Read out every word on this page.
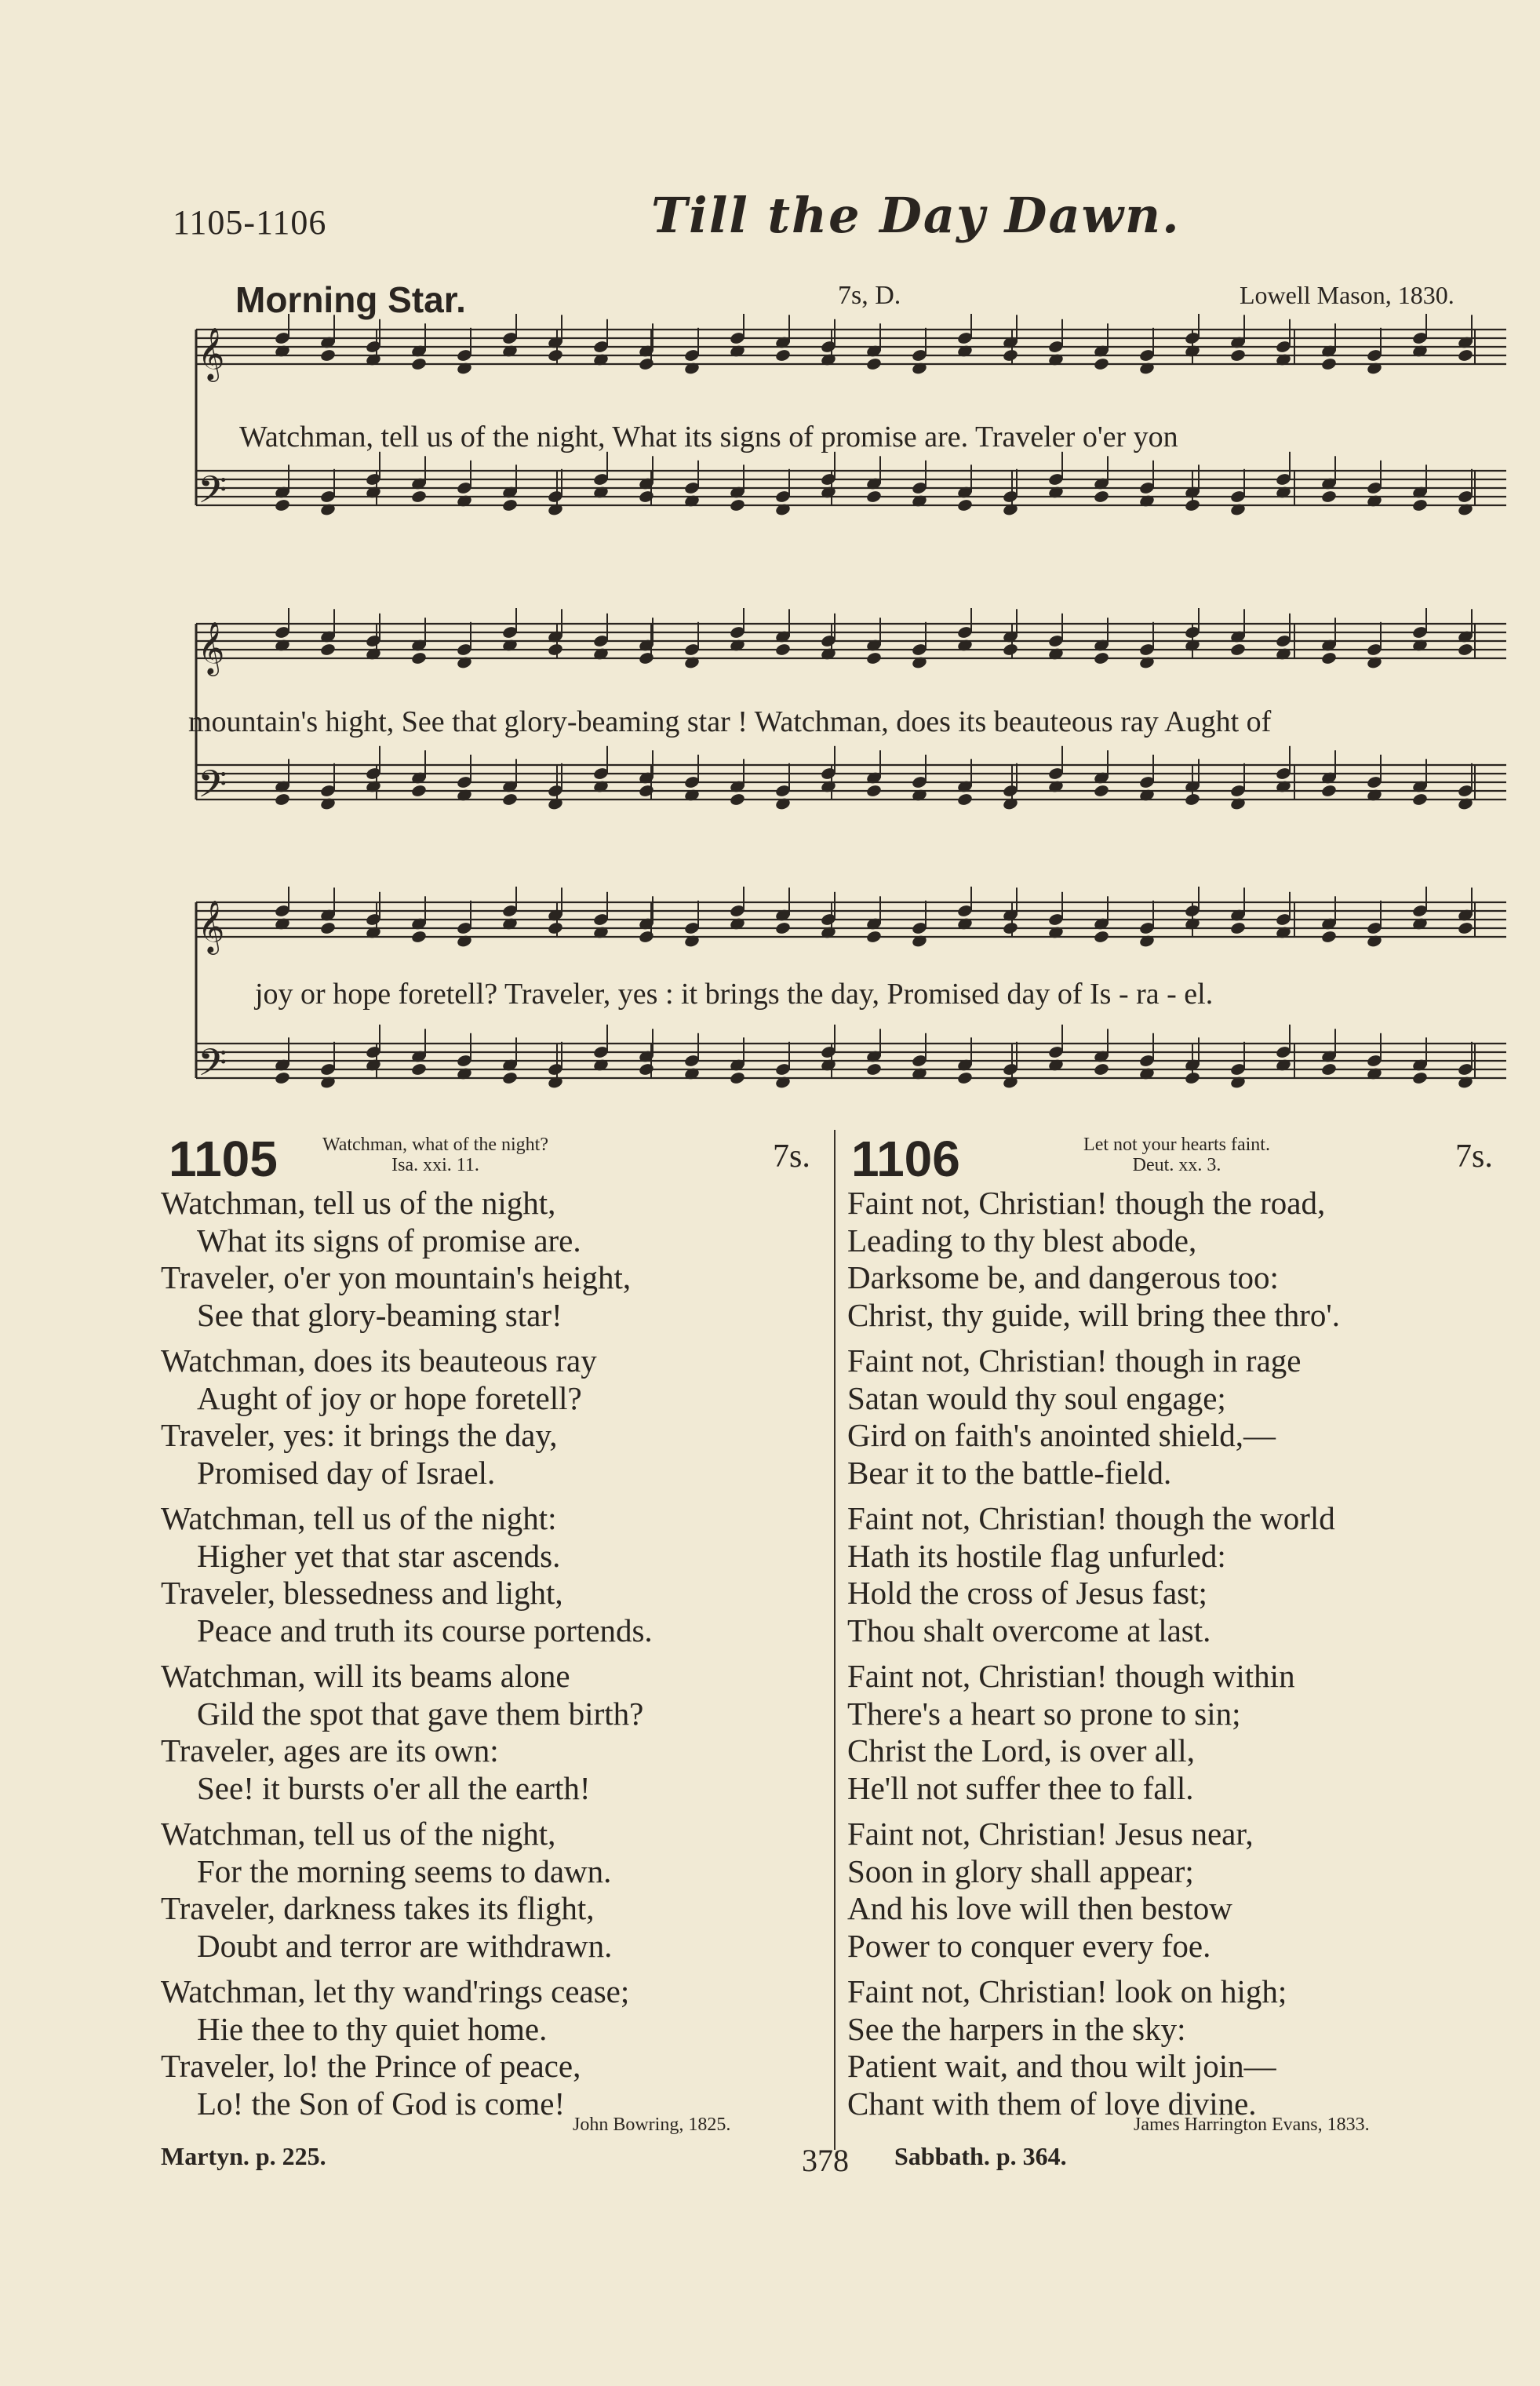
1105-1106	Till the Day Dawn.
Morning Star.	7s, D.	Lowell Mason, 1830.
𝄞
𝄢
Watchman, tell us of the night, What its signs of promise are. Traveler o'er yon
𝄞
𝄢
mountain's hight, See that glory-beaming star ! Watchman, does its beauteous ray Aught of
𝄞
𝄢
joy or hope foretell? Traveler, yes : it brings the day, Promised day of Is - ra - el.
1105	Watchman, what of the night?
Isa. xxi. 11.	7s.
Watchman, tell us of the night,
What its signs of promise are.
Traveler, o'er yon mountain's height,
See that glory-beaming star!
Watchman, does its beauteous ray
Aught of joy or hope foretell?
Traveler, yes: it brings the day,
Promised day of Israel.
Watchman, tell us of the night:
Higher yet that star ascends.
Traveler, blessedness and light,
Peace and truth its course portends.
Watchman, will its beams alone
Gild the spot that gave them birth?
Traveler, ages are its own:
See! it bursts o'er all the earth!
Watchman, tell us of the night,
For the morning seems to dawn.
Traveler, darkness takes its flight,
Doubt and terror are withdrawn.
Watchman, let thy wand'rings cease;
Hie thee to thy quiet home.
Traveler, lo! the Prince of peace,
Lo! the Son of God is come!
John Bowring, 1825.
Martyn. p. 225.
1106	Let not your hearts faint.
Deut. xx. 3.	7s.
Faint not, Christian! though the road,
Leading to thy blest abode,
Darksome be, and dangerous too:
Christ, thy guide, will bring thee thro'.
Faint not, Christian! though in rage
Satan would thy soul engage;
Gird on faith's anointed shield,—
Bear it to the battle-field.
Faint not, Christian! though the world
Hath its hostile flag unfurled:
Hold the cross of Jesus fast;
Thou shalt overcome at last.
Faint not, Christian! though within
There's a heart so prone to sin;
Christ the Lord, is over all,
He'll not suffer thee to fall.
Faint not, Christian! Jesus near,
Soon in glory shall appear;
And his love will then bestow
Power to conquer every foe.
Faint not, Christian! look on high;
See the harpers in the sky:
Patient wait, and thou wilt join—
Chant with them of love divine.
James Harrington Evans, 1833.
Sabbath. p. 364.
378
